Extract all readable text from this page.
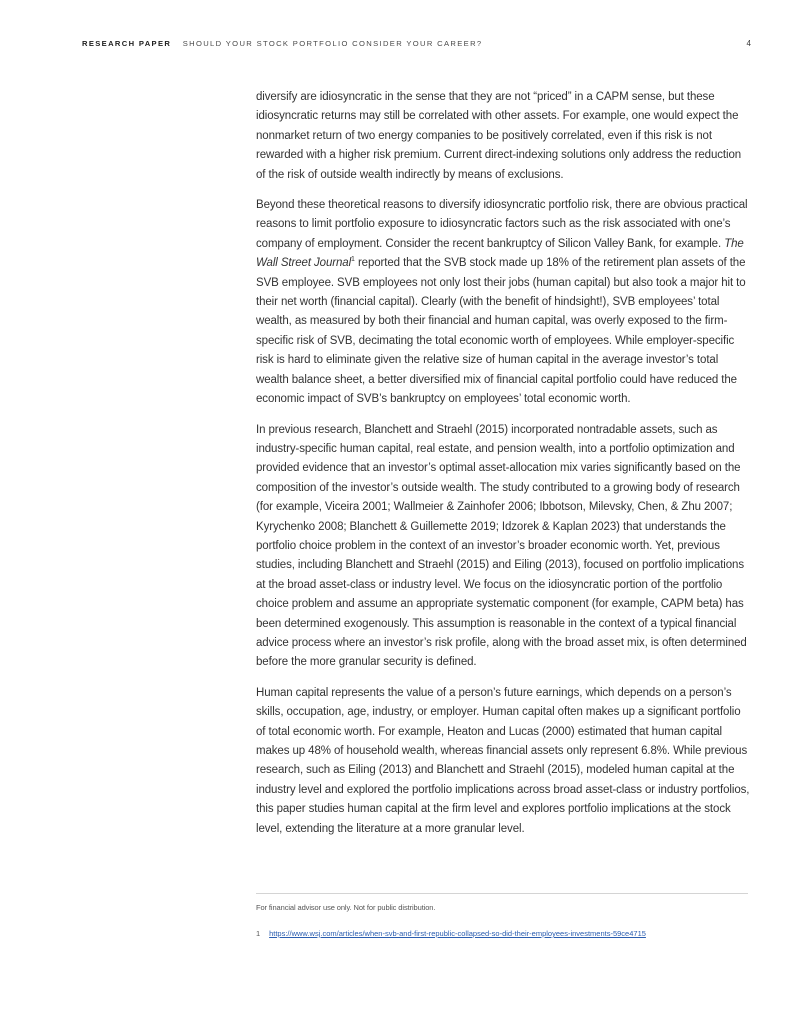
RESEARCH PAPER SHOULD YOUR STOCK PORTFOLIO CONSIDER YOUR CAREER?	4

diversify are idiosyncratic in the sense that they are not “priced” in a CAPM sense, but these idiosyncratic returns may still be correlated with other assets. For example, one would expect the nonmarket return of two energy companies to be positively correlated, even if this risk is not rewarded with a higher risk premium. Current direct-indexing solutions only address the reduction of the risk of outside wealth indirectly by means of exclusions.

Beyond these theoretical reasons to diversify idiosyncratic portfolio risk, there are obvious practical reasons to limit portfolio exposure to idiosyncratic factors such as the risk associated with one’s company of employment. Consider the recent bankruptcy of Silicon Valley Bank, for example. The Wall Street Journal$^1$ reported that the SVB stock made up 18% of the retirement plan assets of the SVB employee. SVB employees not only lost their jobs (human capital) but also took a major hit to their net worth (financial capital). Clearly (with the benefit of hindsight!), SVB employees’ total wealth, as measured by both their financial and human capital, was overly exposed to the firm-specific risk of SVB, decimating the total economic worth of employees. While employer-specific risk is hard to eliminate given the relative size of human capital in the average investor’s total wealth balance sheet, a better diversified mix of financial capital portfolio could have reduced the economic impact of SVB’s bankruptcy on employees’ total economic worth.

In previous research, Blanchett and Straehl (2015) incorporated nontradable assets, such as industry-specific human capital, real estate, and pension wealth, into a portfolio optimization and provided evidence that an investor’s optimal asset-allocation mix varies significantly based on the composition of the investor’s outside wealth. The study contributed to a growing body of research (for example, Viceira 2001; Wallmeier & Zainhofer 2006; Ibbotson, Milevsky, Chen, & Zhu 2007; Kyrychenko 2008; Blanchett & Guillemette 2019; Idzorek & Kaplan 2023) that understands the portfolio choice problem in the context of an investor’s broader economic worth. Yet, previous studies, including Blanchett and Straehl (2015) and Eiling (2013), focused on portfolio implications at the broad asset-class or industry level. We focus on the idiosyncratic portion of the portfolio choice problem and assume an appropriate systematic component (for example, CAPM beta) has been determined exogenously. This assumption is reasonable in the context of a typical financial advice process where an investor’s risk profile, along with the broad asset mix, is often determined before the more granular security is defined.

Human capital represents the value of a person’s future earnings, which depends on a person’s skills, occupation, age, industry, or employer. Human capital often makes up a significant portfolio of total economic worth. For example, Heaton and Lucas (2000) estimated that human capital makes up 48% of household wealth, whereas financial assets only represent 6.8%. While previous research, such as Eiling (2013) and Blanchett and Straehl (2015), modeled human capital at the industry level and explored the portfolio implications across broad asset-class or industry portfolios, this paper studies human capital at the firm level and explores portfolio implications at the stock level, extending the literature at a more granular level.

For financial advisor use only. Not for public distribution.
1 https://www.wsj.com/articles/when-svb-and-first-republic-collapsed-so-did-their-employees-investments-59ce4715
